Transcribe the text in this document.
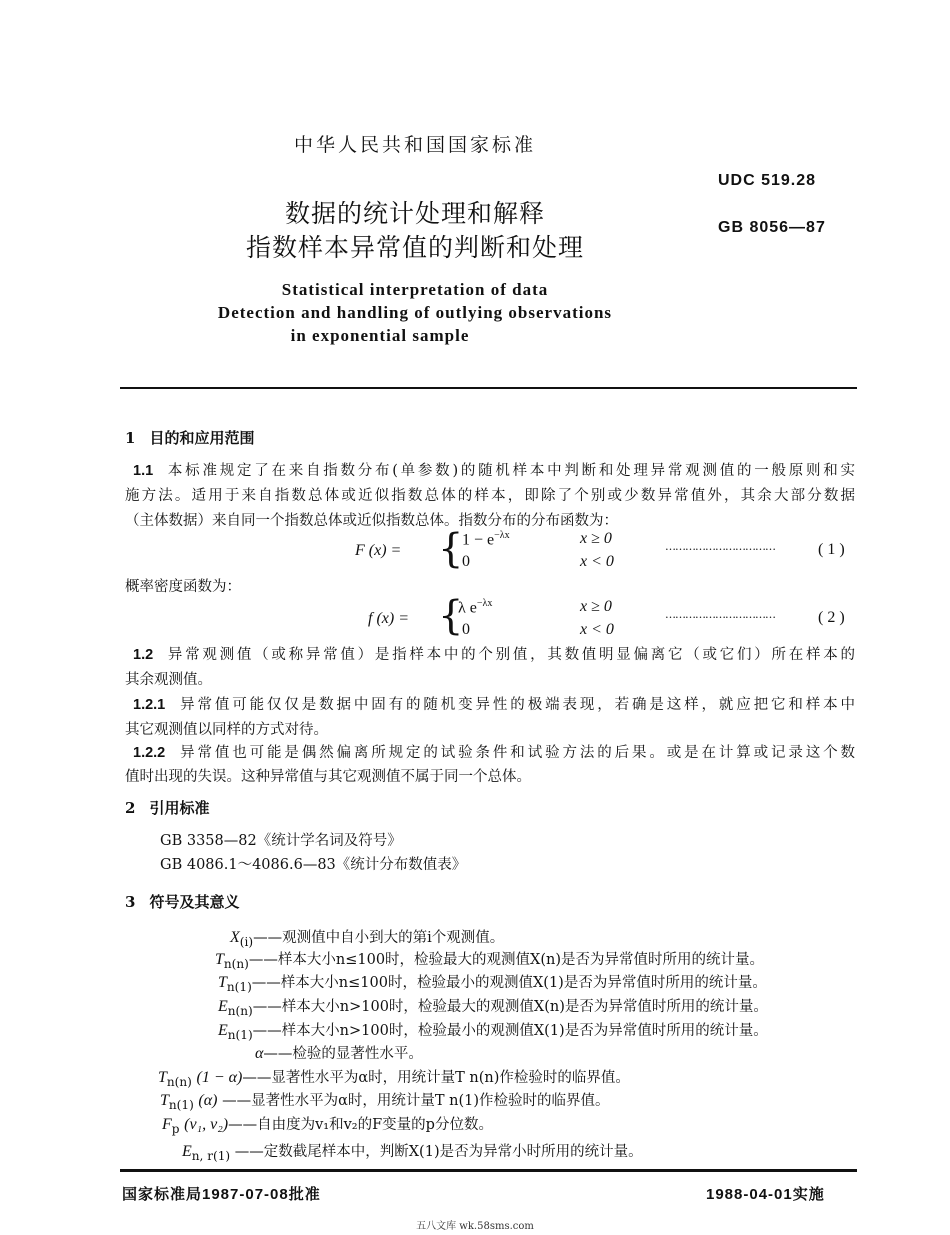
中华人民共和国国家标准
UDC 519.28
数据的统计处理和解释	GB 8056—87
指数样本异常值的判断和处理
Statistical interpretation of data
Detection and handling of outlying observations
in exponential sample
1 目的和应用范围
1.1 本标准规定了在来自指数分布(单参数)的随机样本中判断和处理异常观测值的一般原则和实
施方法。适用于来自指数总体或近似指数总体的样本，即除了个别或少数异常值外，其余大部分数据
（主体数据）来自同一个指数总体或近似指数总体。指数分布的分布函数为：
F (x) = {
$1 - e^{-\lambda x}$	x ≥ 0
0	x < 0
……………………………	( 1 )
概率密度函数为：
f (x) = {
λ $e^{-\lambda x}$	x ≥ 0
0	x < 0
……………………………	( 2 )
1.2 异常观测值（或称异常值）是指样本中的个别值，其数值明显偏离它（或它们）所在样本的
其余观测值。
1.2.1 异常值可能仅仅是数据中固有的随机变异性的极端表现，若确是这样，就应把它和样本中
其它观测值以同样的方式对待。
1.2.2 异常值也可能是偶然偏离所规定的试验条件和试验方法的后果。或是在计算或记录这个数
值时出现的失误。这种异常值与其它观测值不属于同一个总体。
2 引用标准
GB 3358—82《统计学名词及符号》
GB 4086.1～4086.6—83《统计分布数值表》
3 符号及其意义
$X_{(i)}——$观测值中自小到大的第i个观测值。
$T_{n(n)}——$样本大小n≤100时，检验最大的观测值X(n)是否为异常值时所用的统计量。
$T_{n(1)}——$样本大小n≤100时，检验最小的观测值X(1)是否为异常值时所用的统计量。
$E_{n(n)}——$样本大小n>100时，检验最大的观测值X(n)是否为异常值时所用的统计量。
$E_{n(1)}——$样本大小n>100时，检验最小的观测值X(1)是否为异常值时所用的统计量。
α——检验的显著性水平。
$T_{n(n)}$ (1 − α)——显著性水平为α时，用统计量T n(n)作检验时的临界值。
$T_{n(1)}$ (α) ——显著性水平为α时，用统计量T n(1)作检验时的临界值。
$F_p$ (v₁, v₂)——自由度为v₁和v₂的F变量的p分位数。
$E_{n, r(1)}$ ——定数截尾样本中，判断X(1)是否为异常小时所用的统计量。
国家标准局1987-07-08批准	1988-04-01实施
五八文库 wk.58sms.com
